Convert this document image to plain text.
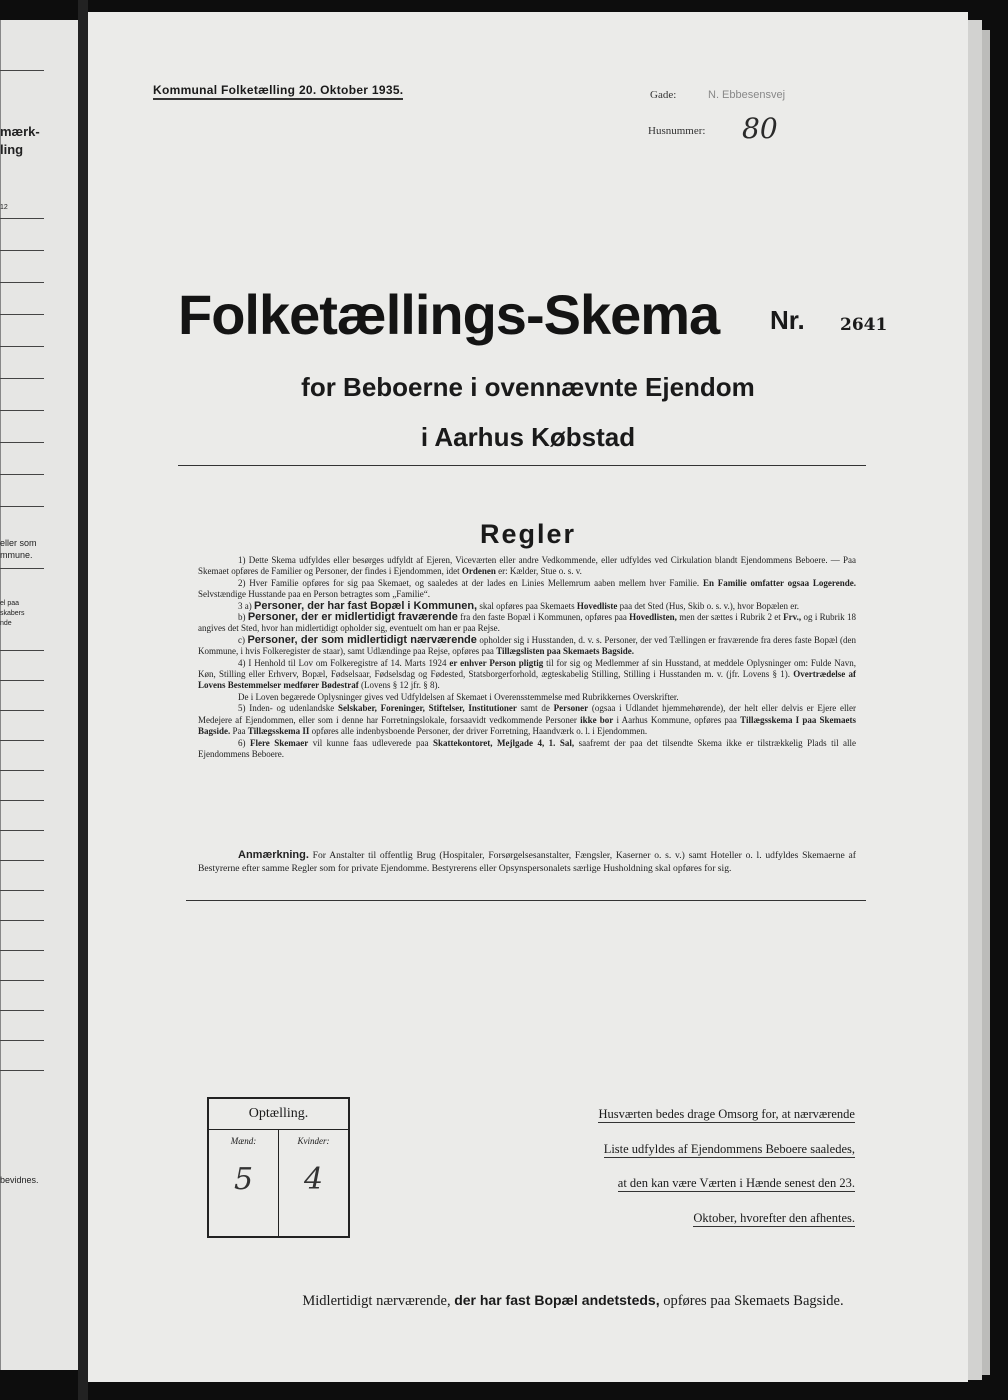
mærk-
ling
12
eller som
mmune.
el paa
skabers
nde
bevidnes.
Kommunal Folketælling 20. Oktober 1935.	Gade:	N. Ebbesensvej
Husnummer: 80
Folketællings-Skema Nr. 2641
for Beboerne i ovennævnte Ejendom
i Aarhus Købstad
Regler

1) Dette Skema udfyldes eller besørges udfyldt af Ejeren, Viceværten eller andre Vedkommende, eller udfyldes ved Cirkulation blandt Ejendommens Beboere. — Paa Skemaet opføres de Familier og Personer, der findes i Ejendommen, idet Ordenen er: Kælder, Stue o. s. v.

2) Hver Familie opføres for sig paa Skemaet, og saaledes at der lades en Linies Mellemrum aaben mellem hver Familie. En Familie omfatter ogsaa Logerende. Selvstændige Husstande paa en Person betragtes som „Familie“.

3 a) Personer, der har fast Bopæl i Kommunen, skal opføres paa Skemaets Hovedliste paa det Sted (Hus, Skib o. s. v.), hvor Bopælen er.

b) Personer, der er midlertidigt fraværende fra den faste Bopæl i Kommunen, opføres paa Hovedlisten, men der sættes i Rubrik 2 et Frv., og i Rubrik 18 angives det Sted, hvor han midlertidigt opholder sig, eventuelt om han er paa Rejse.

c) Personer, der som midlertidigt nærværende opholder sig i Husstanden, d. v. s. Personer, der ved Tællingen er fraværende fra deres faste Bopæl (den Kommune, i hvis Folkeregister de staar), samt Udlændinge paa Rejse, opføres paa Tillægslisten paa Skemaets Bagside.

4) I Henhold til Lov om Folkeregistre af 14. Marts 1924 er enhver Person pligtig til for sig og Medlemmer af sin Husstand, at meddele Oplysninger om: Fulde Navn, Køn, Stilling eller Erhverv, Bopæl, Fødselsaar, Fødselsdag og Fødested, Statsborgerforhold, ægteskabelig Stilling, Stilling i Husstanden m. v. (jfr. Lovens § 1). Overtrædelse af Lovens Bestemmelser medfører Bødestraf (Lovens § 12 jfr. § 8).

De i Loven begærede Oplysninger gives ved Udfyldelsen af Skemaet i Overensstemmelse med Rubrikkernes Overskrifter.

5) Inden- og udenlandske Selskaber, Foreninger, Stiftelser, Institutioner samt de Personer (ogsaa i Udlandet hjemmehørende), der helt eller delvis er Ejere eller Medejere af Ejendommen, eller som i denne har Forretningslokale, forsaavidt vedkommende Personer ikke bor i Aarhus Kommune, opføres paa Tillægsskema I paa Skemaets Bagside. Paa Tillægsskema II opføres alle indenbysboende Personer, der driver Forretning, Haandværk o. l. i Ejendommen.

6) Flere Skemaer vil kunne faas udleverede paa Skattekontoret, Mejlgade 4, 1. Sal, saafremt der paa det tilsendte Skema ikke er tilstrækkelig Plads til alle Ejendommens Beboere.

Anmærkning. For Anstalter til offentlig Brug (Hospitaler, Forsørgelsesanstalter, Fængsler, Kaserner o. s. v.) samt Hoteller o. l. udfyldes Skemaerne af Bestyrerne efter samme Regler som for private Ejendomme. Bestyrerens eller Opsynspersonalets særlige Husholdning skal opføres for sig.

Optælling.
Mænd:
5
Kvinder:
4
Husværten bedes drage Omsorg for, at nærværende
Liste udfyldes af Ejendommens Beboere saaledes,
at den kan være Værten i Hænde senest den 23.
Oktober, hvorefter den afhentes.
Midlertidigt nærværende, der har fast Bopæl andetsteds, opføres paa Skemaets Bagside.
